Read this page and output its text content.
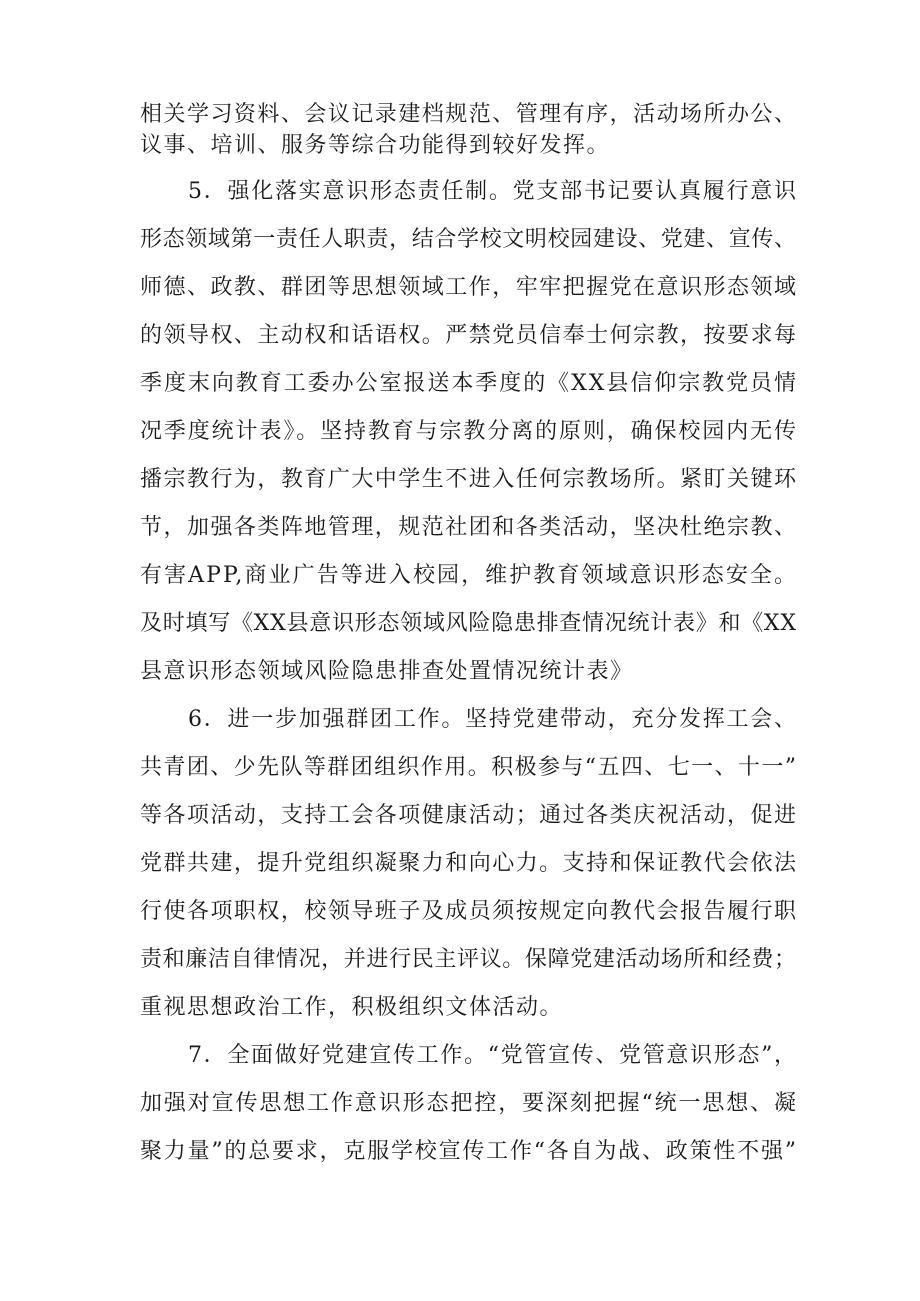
相关学习资料、会议记录建档规范、管理有序，活动场所办公、
议事、培训、服务等综合功能得到较好发挥。
5．强化落实意识形态责任制。党支部书记要认真履行意识
形态领域第一责任人职责，结合学校文明校园建设、党建、宣传、
师德、政教、群团等思想领域工作，牢牢把握党在意识形态领域
的领导权、主动权和话语权。严禁党员信奉士何宗教，按要求每
季度末向教育工委办公室报送本季度的《XX县信仰宗教党员情
况季度统计表》。坚持教育与宗教分离的原则，确保校园内无传
播宗教行为，教育广大中学生不进入任何宗教场所。紧盯关键环
节，加强各类阵地管理，规范社团和各类活动，坚决杜绝宗教、
有害APP,商业广告等进入校园，维护教育领域意识形态安全。
及时填写《XX县意识形态领域风险隐患排查情况统计表》和《XX
县意识形态领域风险隐患排查处置情况统计表》
6．进一步加强群团工作。坚持党建带动，充分发挥工会、
共青团、少先队等群团组织作用。积极参与“五四、七一、十一”
等各项活动，支持工会各项健康活动；通过各类庆祝活动，促进
党群共建，提升党组织凝聚力和向心力。支持和保证教代会依法
行使各项职权，校领导班子及成员须按规定向教代会报告履行职
责和廉洁自律情况，并进行民主评议。保障党建活动场所和经费；
重视思想政治工作，积极组织文体活动。
7．全面做好党建宣传工作。“党管宣传、党管意识形态”，
加强对宣传思想工作意识形态把控，要深刻把握“统一思想、凝
聚力量”的总要求，克服学校宣传工作“各自为战、政策性不强”
